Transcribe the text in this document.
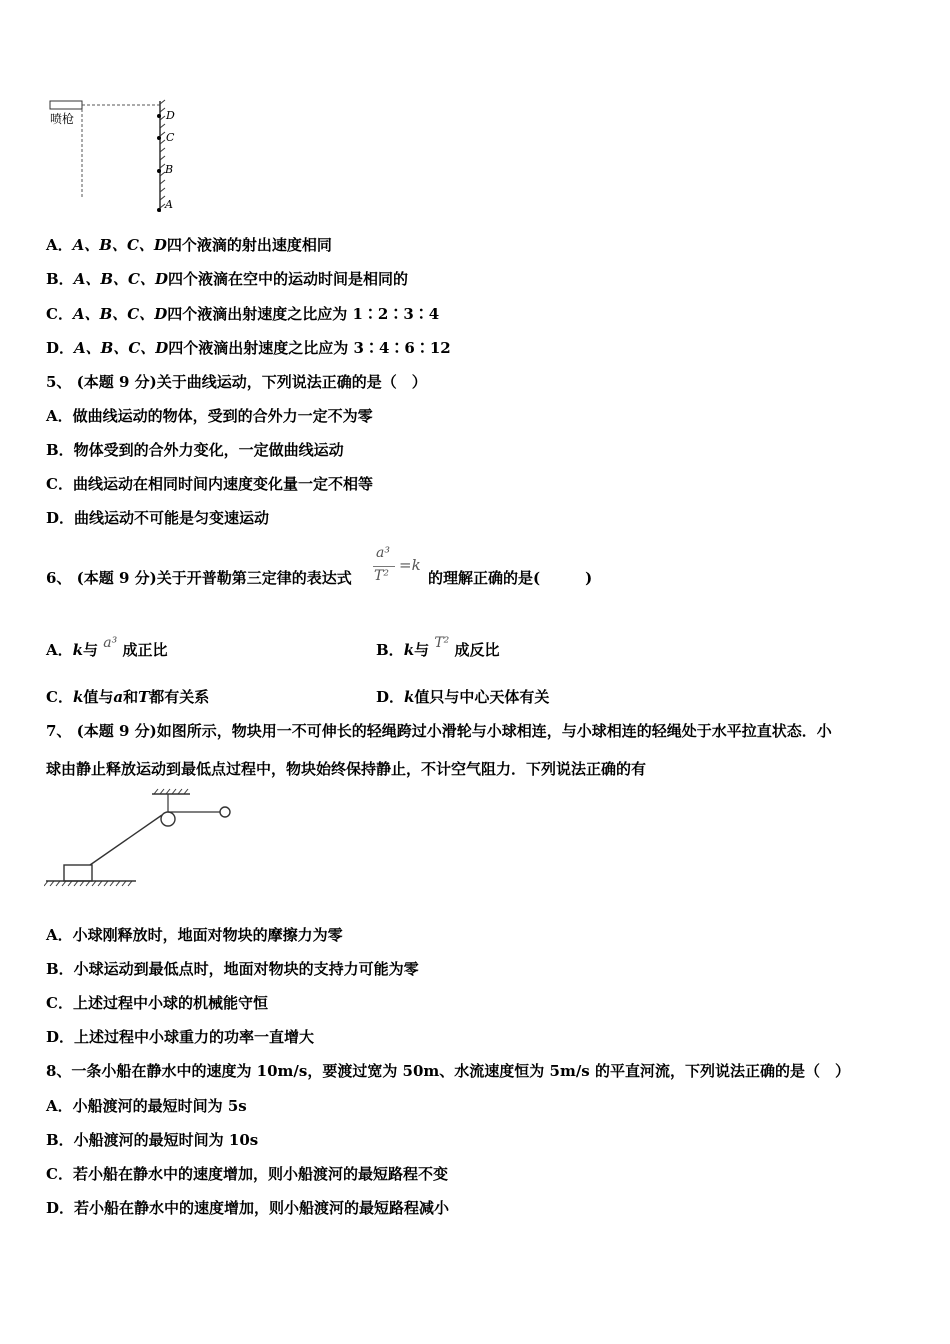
喷枪	D
C
B
A
A．A、B、C、D四个液滴的射出速度相同
B．A、B、C、D四个液滴在空中的运动时间是相同的
C．A、B、C、D四个液滴出射速度之比应为 1∶2∶3∶4
D．A、B、C、D四个液滴出射速度之比应为 3∶4∶6∶12
5、 (本题 9 分)关于曲线运动，下列说法正确的是（　）
A．做曲线运动的物体，受到的合外力一定不为零
B．物体受到的合外力变化，一定做曲线运动
C．曲线运动在相同时间内速度变化量一定不相等
D．曲线运动不可能是匀变速运动
6、 (本题 9 分)关于开普勒第三定律的表达式
a³
T²
=k
的理解正确的是(　　　)
A．k与 a³ 成正比	B．k与 T² 成反比
C．k值与a和T都有关系	D．k值只与中心天体有关
7、 (本题 9 分)如图所示，物块用一不可伸长的轻绳跨过小滑轮与小球相连，与小球相连的轻绳处于水平拉直状态．小
球由静止释放运动到最低点过程中，物块始终保持静止，不计空气阻力．下列说法正确的有
A．小球刚释放时，地面对物块的摩擦力为零
B．小球运动到最低点时，地面对物块的支持力可能为零
C．上述过程中小球的机械能守恒
D．上述过程中小球重力的功率一直增大
8、一条小船在静水中的速度为 10m/s，要渡过宽为 50m、水流速度恒为 5m/s 的平直河流，下列说法正确的是（　）
A．小船渡河的最短时间为 5s
B．小船渡河的最短时间为 10s
C．若小船在静水中的速度增加，则小船渡河的最短路程不变
D．若小船在静水中的速度增加，则小船渡河的最短路程减小
